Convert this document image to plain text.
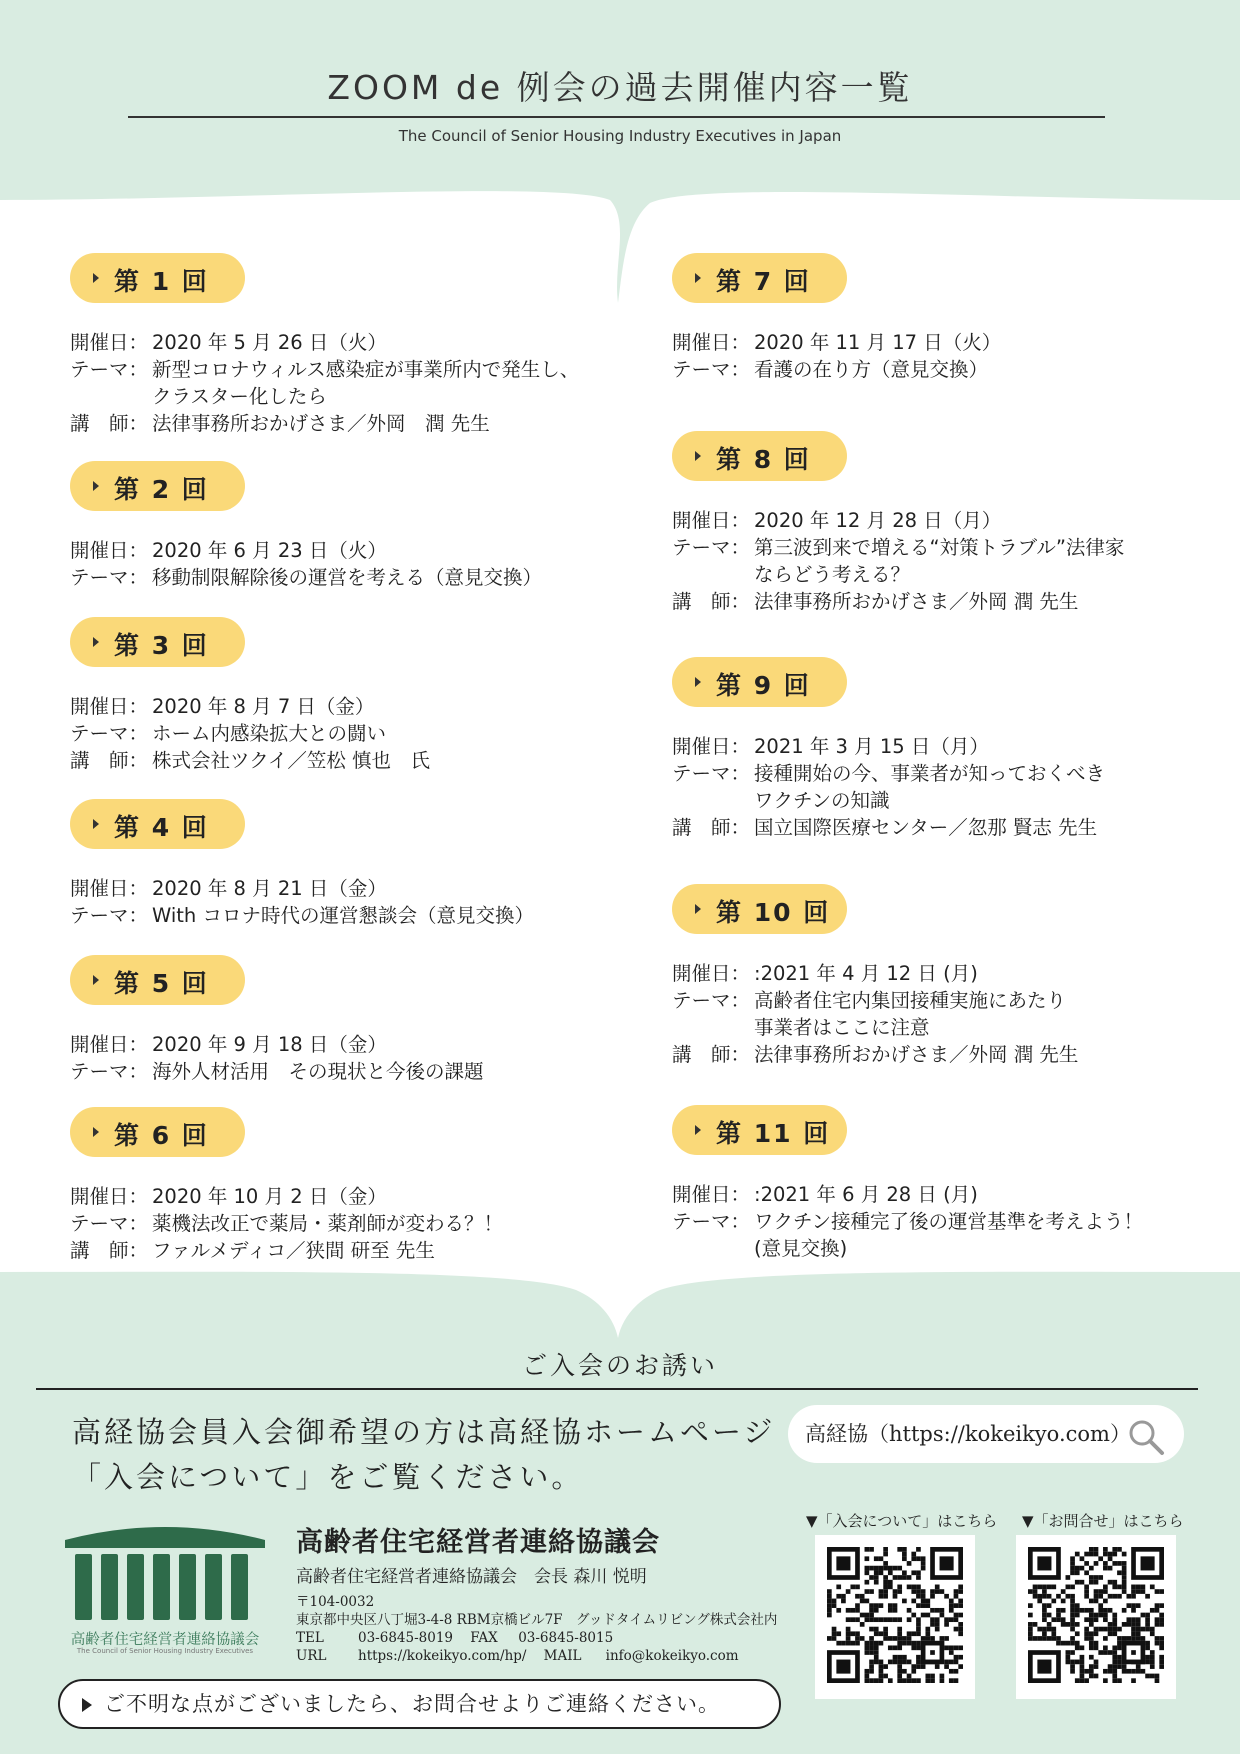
ZOOM de 例会の過去開催内容一覧
The Council of Senior Housing Industry Executives in Japan
第 1 回
開催日： 2020 年 5 月 26 日（火）
テーマ： 新型コロナウィルス感染症が事業所内で発生し、
クラスター化したら
講　師： 法律事務所おかげさま／外岡　潤 先生
第 2 回
開催日： 2020 年 6 月 23 日（火）
テーマ： 移動制限解除後の運営を考える（意見交換）
第 3 回
開催日： 2020 年 8 月 7 日（金）
テーマ： ホーム内感染拡大との闘い
講　師： 株式会社ツクイ／笠松 慎也　氏
第 4 回
開催日： 2020 年 8 月 21 日（金）
テーマ： With コロナ時代の運営懇談会（意見交換）
第 5 回
開催日： 2020 年 9 月 18 日（金）
テーマ： 海外人材活用　その現状と今後の課題
第 6 回
開催日： 2020 年 10 月 2 日（金）
テーマ： 薬機法改正で薬局・薬剤師が変わる？！
講　師： ファルメディコ／狭間 研至 先生
第 7 回
開催日： 2020 年 11 月 17 日（火）
テーマ： 看護の在り方（意見交換）
第 8 回
開催日： 2020 年 12 月 28 日（月）
テーマ： 第三波到来で増える“対策トラブル”法律家
ならどう考える？
講　師： 法律事務所おかげさま／外岡 潤 先生
第 9 回
開催日： 2021 年 3 月 15 日（月）
テーマ： 接種開始の今、事業者が知っておくべき
ワクチンの知識
講　師： 国立国際医療センター／忽那 賢志 先生
第 10 回
開催日： :2021 年 4 月 12 日 (月)
テーマ： 高齢者住宅内集団接種実施にあたり
事業者はここに注意
講　師： 法律事務所おかげさま／外岡 潤 先生
第 11 回
開催日： :2021 年 6 月 28 日 (月)
テーマ： ワクチン接種完了後の運営基準を考えよう！
(意見交換)
ご入会のお誘い
高経協会員入会御希望の方は高経協ホームページ
「入会について」をご覧ください。
高経協（https://kokeikyo.com）
高齢者住宅経営者連絡協議会
The Council of Senior Housing Industry Executives
高齢者住宅経営者連絡協議会
高齢者住宅経営者連絡協議会　会長 森川 悦明
〒104-0032
東京都中央区八丁堀3-4-8 RBM京橋ビル7F　グッドタイムリビング株式会社内
TEL	03-6845-8019 FAX 03-6845-8015
URL https://kokeikyo.com/hp/ MAIL info@kokeikyo.com
▼「入会について」はこちら ▼「お問合せ」はこちら
ご不明な点がございましたら、お問合せよりご連絡ください。
